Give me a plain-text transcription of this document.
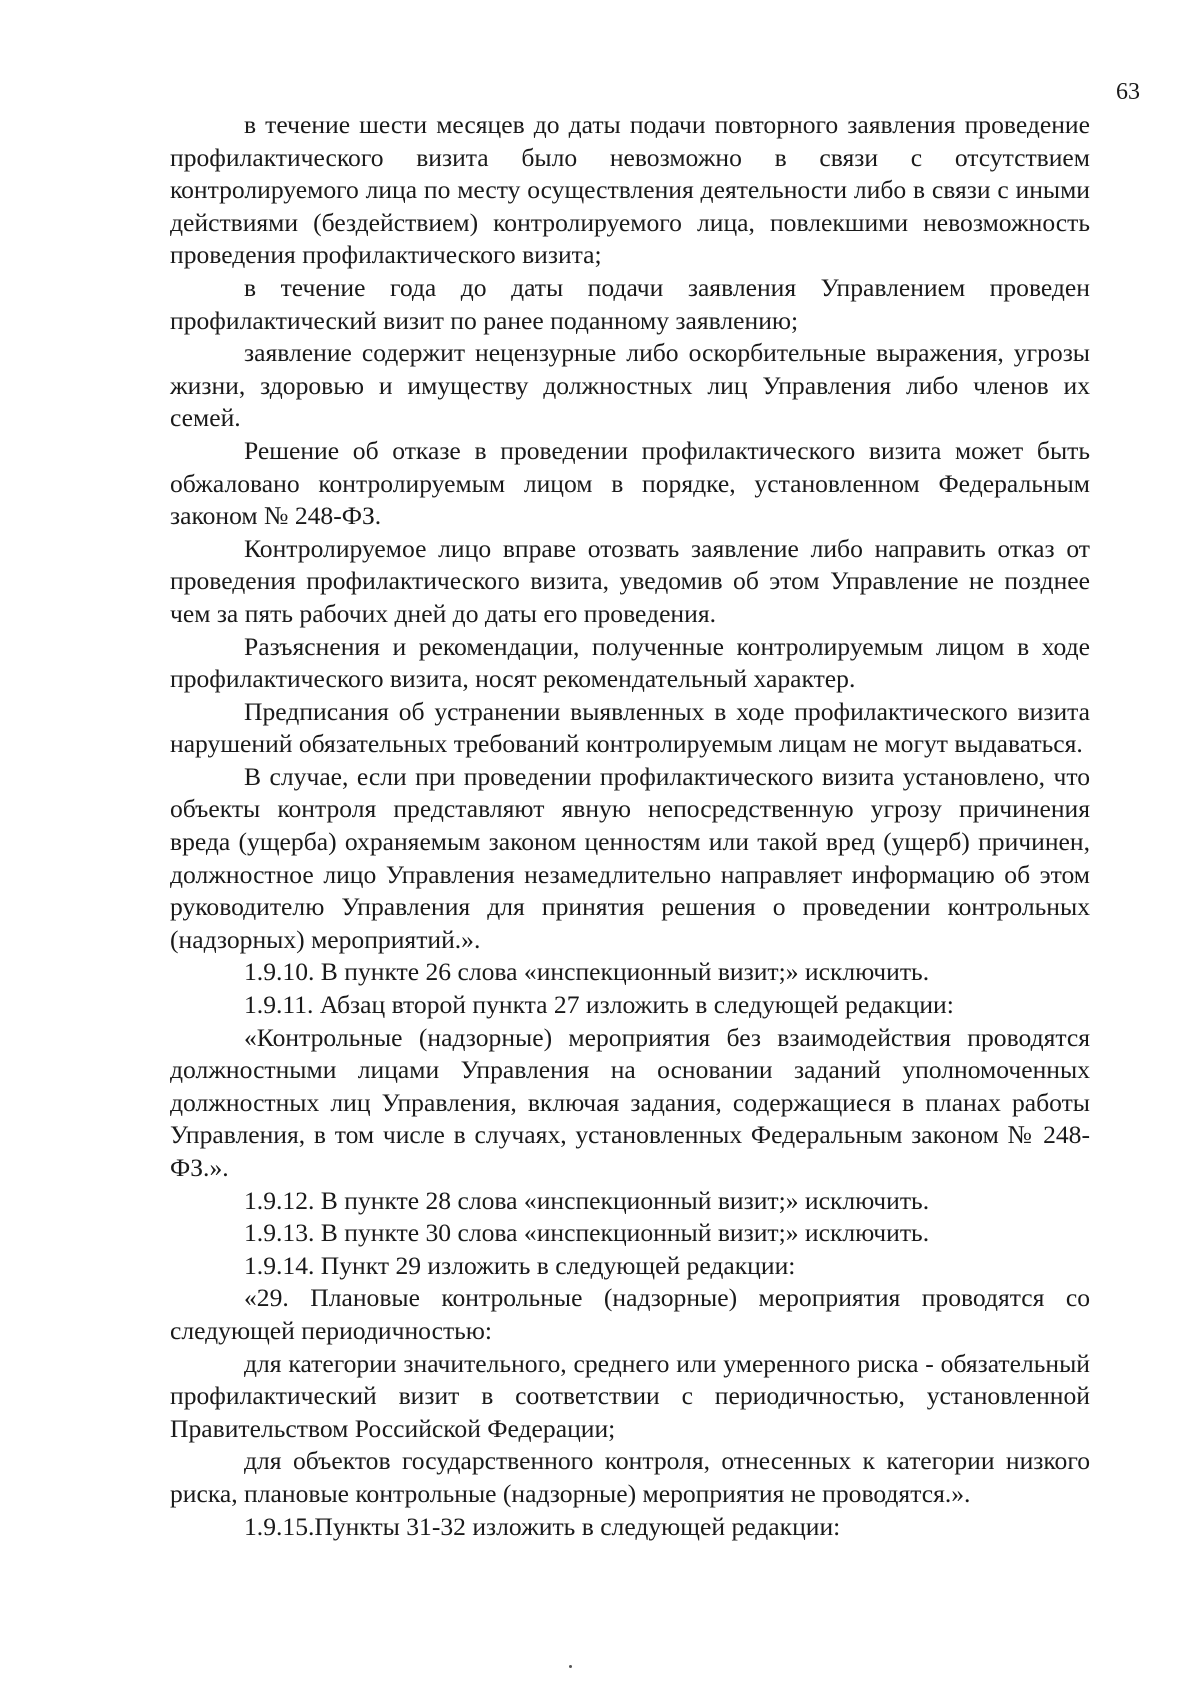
63

в течение шести месяцев до даты подачи повторного заявления проведение профилактического визита было невозможно в связи с отсутствием контролируемого лица по месту осуществления деятельности либо в связи с иными действиями (бездействием) контролируемого лица, повлекшими невозможность проведения профилактического визита;

в течение года до даты подачи заявления Управлением проведен профилактический визит по ранее поданному заявлению;

заявление содержит нецензурные либо оскорбительные выражения, угрозы жизни, здоровью и имуществу должностных лиц Управления либо членов их семей.

Решение об отказе в проведении профилактического визита может быть обжаловано контролируемым лицом в порядке, установленном Федеральным законом № 248-ФЗ.

Контролируемое лицо вправе отозвать заявление либо направить отказ от проведения профилактического визита, уведомив об этом Управление не позднее чем за пять рабочих дней до даты его проведения.

Разъяснения и рекомендации, полученные контролируемым лицом в ходе профилактического визита, носят рекомендательный характер.

Предписания об устранении выявленных в ходе профилактического визита нарушений обязательных требований контролируемым лицам не могут выдаваться.

В случае, если при проведении профилактического визита установлено, что объекты контроля представляют явную непосредственную угрозу причинения вреда (ущерба) охраняемым законом ценностям или такой вред (ущерб) причинен, должностное лицо Управления незамедлительно направляет информацию об этом руководителю Управления для принятия решения о проведении контрольных (надзорных) мероприятий.».

1.9.10. В пункте 26 слова «инспекционный визит;» исключить.

1.9.11. Абзац второй пункта 27 изложить в следующей редакции:

«Контрольные (надзорные) мероприятия без взаимодействия проводятся должностными лицами Управления на основании заданий уполномоченных должностных лиц Управления, включая задания, содержащиеся в планах работы Управления, в том числе в случаях, установленных Федеральным законом № 248-ФЗ.».

1.9.12. В пункте 28 слова «инспекционный визит;» исключить.

1.9.13. В пункте 30 слова «инспекционный визит;» исключить.

1.9.14. Пункт 29 изложить в следующей редакции:

«29. Плановые контрольные (надзорные) мероприятия проводятся со следующей периодичностью:

для категории значительного, среднего или умеренного риска - обязательный профилактический визит в соответствии с периодичностью, установленной Правительством Российской Федерации;

для объектов государственного контроля, отнесенных к категории низкого риска, плановые контрольные (надзорные) мероприятия не проводятся.».

1.9.15.Пункты 31-32 изложить в следующей редакции:
